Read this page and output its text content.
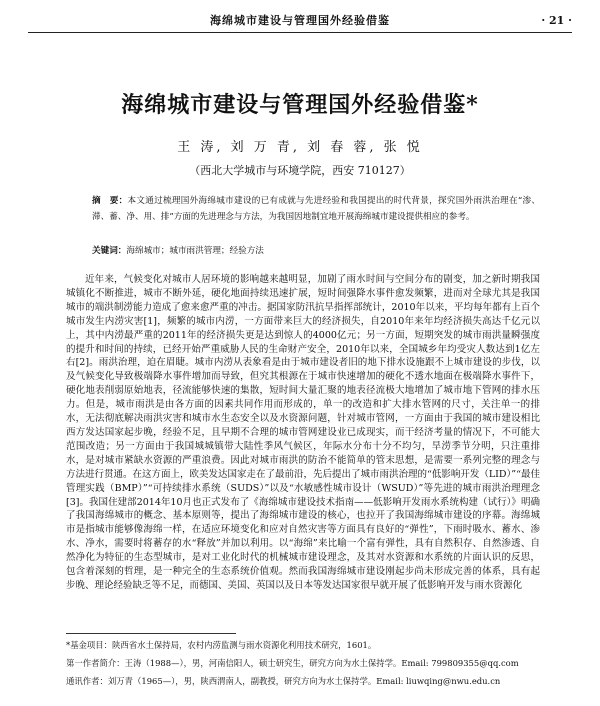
海绵城市建设与管理国外经验借鉴	· 21 ·
海绵城市建设与管理国外经验借鉴*
王 涛, 刘 万 青, 刘 春 蓉, 张 悦
（西北大学城市与环境学院，西安 710127）
摘　要：本文通过梳理国外海绵城市建设的已有成就与先进经验和我国提出的时代背景，探究国外雨洪治理在“渗、滞、蓄、净、用、排”方面的先进理念与方法，为我国因地制宜地开展海绵城市建设提供相应的参考。
关键词：海绵城市；城市雨洪管理；经验方法

近年来，气候变化对城市人居环境的影响越来越明显，加剧了雨水时间与空间分布的剧变，加之新时期我国城镇化不断推进，城市不断外延，硬化地面持续迅速扩展，短时间强降水事件愈发频繁，进而对全球尤其是我国城市的端洪制涝能力造成了愈来愈严重的冲击。据国家防汛抗旱指挥部统计，2010年以来，平均每年都有上百个城市发生内涝灾害[1]，频繁的城市内涝，一方面带来巨大的经济损失，自2010年来年均经济损失高达千亿元以上，其中内涝最严重的2011年的经济损失更是达到惊人的4000亿元；另一方面，短期突发的城市雨洪量瞬强度的提升和时间的持续，已经开始严重威胁人民的生命财产安全，2010年以来，全国城乡年均受灾人数达到1亿左右[2]。雨洪治理，迫在眉睫。城市内涝从表象看是由于城市建设者旧的地下排水设施跟不上城市建设的步伐，以及气候变化导致极端降水事件增加而导致，但究其根源在于城市快速增加的硬化不透水地面在极端降水事件下，硬化地表削弱原始地表，径流能够快速的集散，短时间大量汇聚的地表径流极大地增加了城市地下管网的排水压力。但是，城市雨洪是由各方面的因素共同作用而形成的，单一的改造和扩大排水管网的尺寸，关注单一的排水，无法彻底解决雨洪灾害和城市水生态安全以及水资源问题，针对城市管网，一方面由于我国的城市建设相比西方发达国家起步晚，经验不足，且早期不合理的城市管网建设业已成现实，而干经济考量的情况下，不可能大范围改造；另一方面由于我国城城镇带大陆性季风气候区，年际水分布十分不均匀，旱涝季节分明，只注重排水，是对城市紧缺水资源的严重浪费。因此对城市雨洪的防治不能简单的管末思想，是需要一系列完整的理念与方法进行贯通。在这方面上，欧美发达国家走在了最前沿，先后提出了城市雨洪治理的“低影响开发（LID）”“最佳管理实践（BMP）”“可持续排水系统（SUDS）”以及“水敏感性城市设计（WSUD）”等先进的城市雨洪治理理念[3]。我国住建部2014年10月也正式发布了《海绵城市建设技术指南——低影响开发雨水系统构建（试行）》明确了我国海绵城市的概念、基本原则等，提出了海绵城市建设的核心，也拉开了我国海绵城市建设的序幕。海绵城市是指城市能够像海绵一样，在适应环境变化和应对自然灾害等方面具有良好的“弹性”，下雨时吸水、蓄水、渗水、净水，需要时将蓄存的水“释放”并加以利用。以“海绵”来比喻一个富有弹性，具有自然积存、自然渗透、自然净化为特征的生态型城市，是对工业化时代的机械城市建设理念，及其对水资源和水系统的片面认识的反思，包含着深刻的哲理，是一种完全的生态系统价值观。然而我国海绵城市建设刚起步尚未形成完善的体系，具有起步晚、理论经验缺乏等不足，而德国、美国、英国以及日本等发达国家很早就开展了低影响开发与雨水资源化

*基金项目：陕西省水土保持局，农村内涝监测与雨水资源化利用技术研究，1601。
第一作者简介：王涛（1988—），男，河南信阳人，硕士研究生，研究方向为水土保持学。Email: 799809355@qq.com
通讯作者：刘万青（1965—），男，陕西渭南人，副教授，研究方向为水土保持学。Email: liuwqing@nwu.edu.cn
